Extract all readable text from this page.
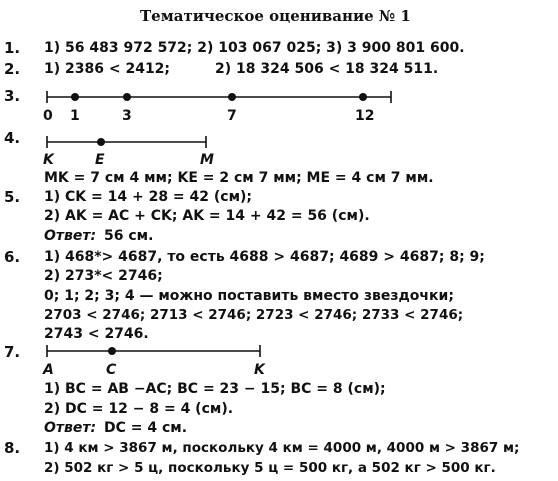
Тематическое оценивание № 1
1. 1) 56 483 972 572; 2) 103 067 025; 3) 3 900 801 600.
2. 1) 2386 < 2412;	2) 18 324 506 < 18 324 511.
3.
0 1	3	7	12
4.
K	E	M
MK = 7 см 4 мм; KE = 2 см 7 мм; ME = 4 см 7 мм.
5. 1) CK = 14 + 28 = 42 (см);
2) AK = AC + CK; AK = 14 + 42 = 56 (см).
Ответ: 56 см.
6. 1) 468*> 4687, то есть 4688 > 4687; 4689 > 4687; 8; 9;
2) 273*< 2746;
0; 1; 2; 3; 4 — можно поставить вместо звездочки;
2703 < 2746; 2713 < 2746; 2723 < 2746; 2733 < 2746;
2743 < 2746.
7.
A	C	K
1) BC = AB −AC; BC = 23 − 15; BC = 8 (см);
2) DC = 12 − 8 = 4 (см).
Ответ: DC = 4 см.
8. 1) 4 км > 3867 м, поскольку 4 км = 4000 м, 4000 м > 3867 м;
2) 502 кг > 5 ц, поскольку 5 ц = 500 кг, а 502 кг > 500 кг.
